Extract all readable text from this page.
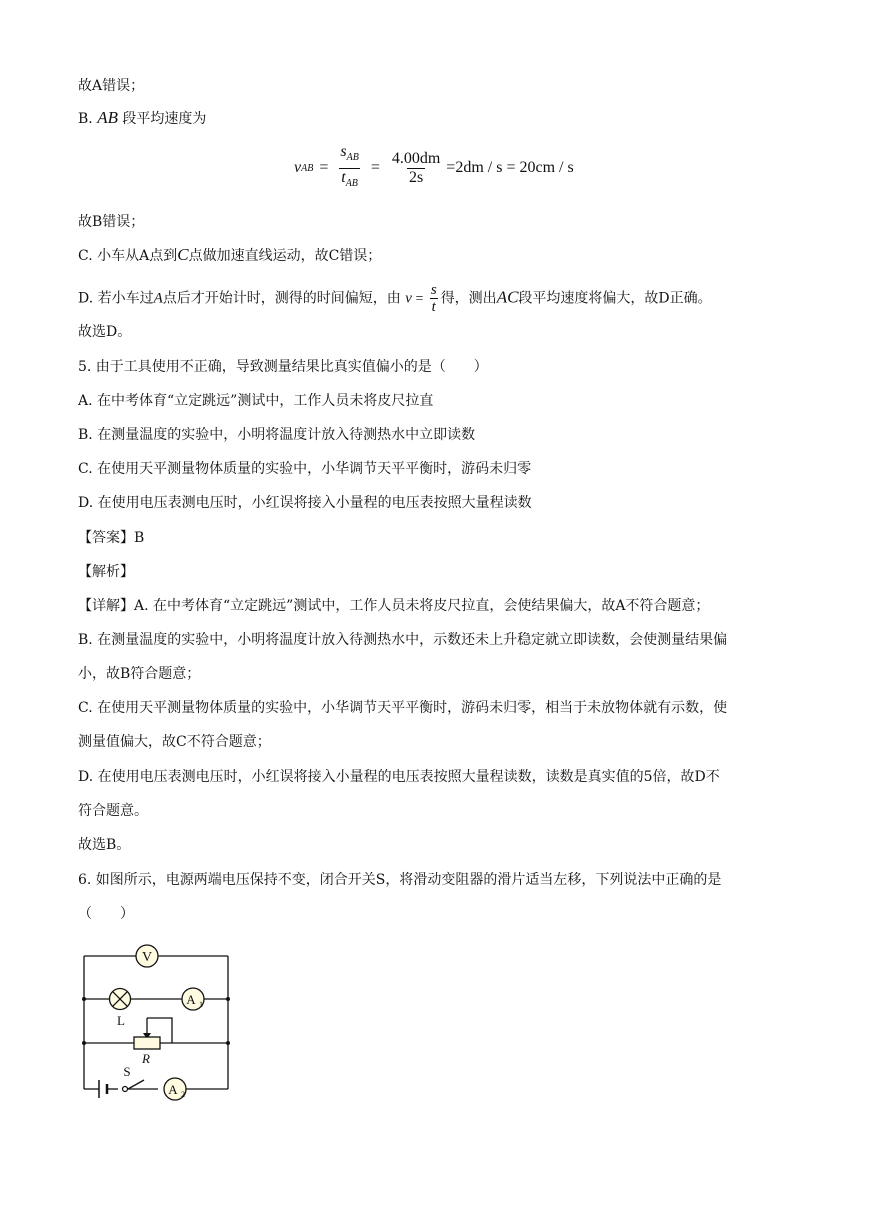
故A错误；
B. AB 段平均速度为
v AB = $\frac{s_{AB}}{t_{AB}} = \frac{4.00dm}{2s} =2dm / s = 20cm / s$
故B错误；
C. 小车从A点到C点做加速直线运动，故C错误；
D. 若小车过A点后才开始计时，测得的时间偏短，由 $v = \frac{s}{t}$ 得，测出AC段平均速度将偏大，故D正确。
故选D。
5. 由于工具使用不正确，导致测量结果比真实值偏小的是（　　）
A. 在中考体育“立定跳远”测试中，工作人员未将皮尺拉直
B. 在测量温度的实验中，小明将温度计放入待测热水中立即读数
C. 在使用天平测量物体质量的实验中，小华调节天平平衡时，游码未归零
D. 在使用电压表测电压时，小红误将接入小量程的电压表按照大量程读数
【答案】B
【解析】
【详解】A. 在中考体育“立定跳远”测试中，工作人员未将皮尺拉直，会使结果偏大，故A不符合题意；
B. 在测量温度的实验中，小明将温度计放入待测热水中，示数还未上升稳定就立即读数，会使测量结果偏
小，故B符合题意；
C. 在使用天平测量物体质量的实验中，小华调节天平平衡时，游码未归零，相当于未放物体就有示数，使
测量值偏大，故C不符合题意；
D. 在使用电压表测电压时，小红误将接入小量程的电压表按照大量程读数，读数是真实值的5倍，故D不
符合题意。
故选B。
6. 如图所示，电源两端电压保持不变，闭合开关S，将滑动变阻器的滑片适当左移，下列说法中正确的是
（　　）
V
A 1
L
R
S
A 2
